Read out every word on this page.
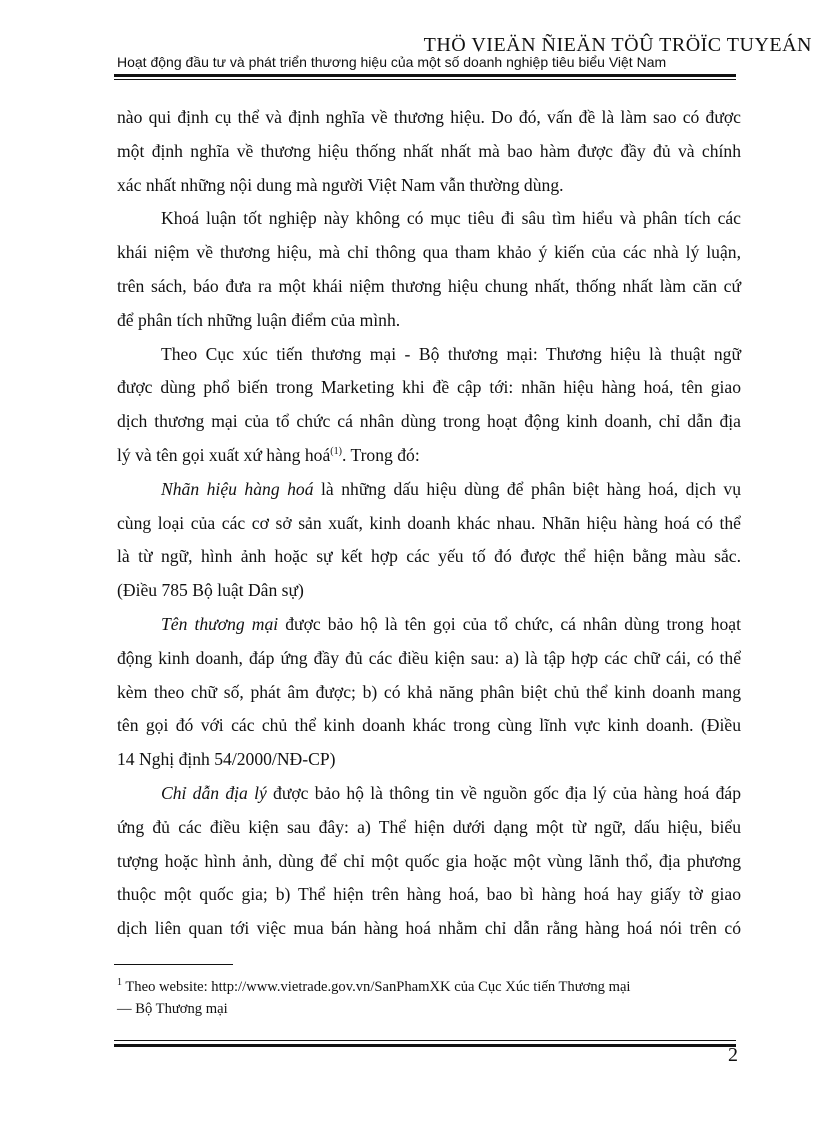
THÖ VIEÄN ÑIEÄN TÖÛ TRÖÏC TUYEÁN
Hoạt động đầu tư và phát triển thương hiệu của một số doanh nghiệp tiêu biểu Việt Nam

nào qui định cụ thể và định nghĩa về thương hiệu. Do đó, vấn đề là làm sao có được
một định nghĩa về thương hiệu thống nhất nhất mà bao hàm được đầy đủ và chính
xác nhất những nội dung mà người Việt Nam vẫn thường dùng.

Khoá luận tốt nghiệp này không có mục tiêu đi sâu tìm hiểu và phân tích các
khái niệm về thương hiệu, mà chỉ thông qua tham khảo ý kiến của các nhà lý luận,
trên sách, báo đưa ra một khái niệm thương hiệu chung nhất, thống nhất làm căn cứ
để phân tích những luận điểm của mình.

Theo Cục xúc tiến thương mại - Bộ thương mại: Thương hiệu là thuật ngữ
được dùng phổ biến trong Marketing khi đề cập tới: nhãn hiệu hàng hoá, tên giao
dịch thương mại của tổ chức cá nhân dùng trong hoạt động kinh doanh, chỉ dẫn địa
lý và tên gọi xuất xứ hàng hoá$^{(1)}$. Trong đó:

Nhãn hiệu hàng hoá là những dấu hiệu dùng để phân biệt hàng hoá, dịch vụ
cùng loại của các cơ sở sản xuất, kinh doanh khác nhau. Nhãn hiệu hàng hoá có thể
là từ ngữ, hình ảnh hoặc sự kết hợp các yếu tố đó được thể hiện bằng màu sắc.
(Điều 785 Bộ luật Dân sự)

Tên thương mại được bảo hộ là tên gọi của tổ chức, cá nhân dùng trong hoạt
động kinh doanh, đáp ứng đầy đủ các điều kiện sau: a) là tập hợp các chữ cái, có thể
kèm theo chữ số, phát âm được; b) có khả năng phân biệt chủ thể kinh doanh mang
tên gọi đó với các chủ thể kinh doanh khác trong cùng lĩnh vực kinh doanh. (Điều
14 Nghị định 54/2000/NĐ-CP)

Chỉ dẫn địa lý được bảo hộ là thông tin về nguồn gốc địa lý của hàng hoá đáp
ứng đủ các điều kiện sau đây: a) Thể hiện dưới dạng một từ ngữ, dấu hiệu, biểu
tượng hoặc hình ảnh, dùng để chỉ một quốc gia hoặc một vùng lãnh thổ, địa phương
thuộc một quốc gia; b) Thể hiện trên hàng hoá, bao bì hàng hoá hay giấy tờ giao
dịch liên quan tới việc mua bán hàng hoá nhằm chỉ dẫn rằng hàng hoá nói trên có

$^1$ Theo website: http://www.vietrade.gov.vn/SanPhamXK của Cục Xúc tiến Thương mại
— Bộ Thương mại
2
